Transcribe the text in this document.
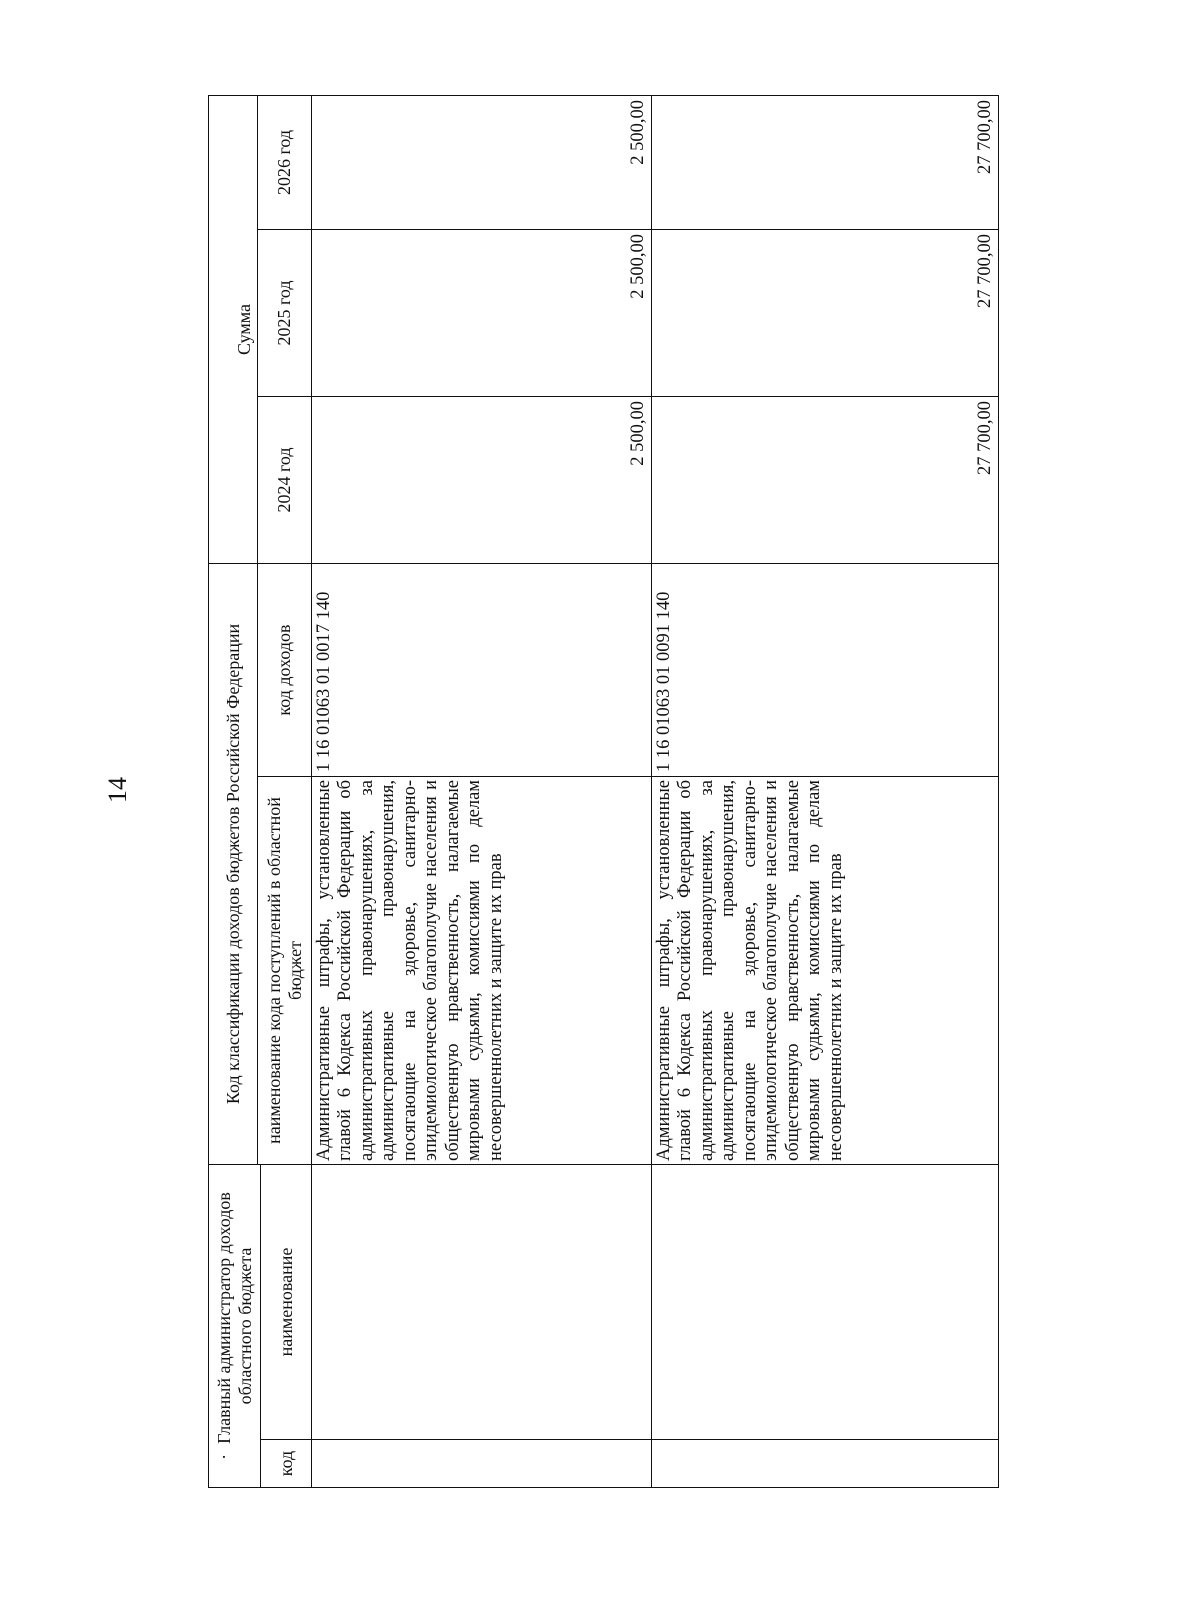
14
·Главный администратор доходов областного бюджета		Код классификации доходов бюджетов Российской Федерации		Сумма		
		наименование кода поступлений в областной бюджет	код доходов	2024 год	2025 год	2026 год
код	наименование					
		Административные штрафы, установленные главой 6 Кодекса Российской Федерации об административных правонарушениях, за административные правонарушения, посягающие на здоровье, санитарно-эпидемиологическое благополучие населения и общественную нравственность, налагаемые мировыми судьями, комиссиями по делам несовершеннолетних и защите их прав	1 16 01063 01 0017 140	2 500,00	2 500,00	2 500,00
		Административные штрафы, установленные главой 6 Кодекса Российской Федерации об административных правонарушениях, за административные правонарушения, посягающие на здоровье, санитарно-эпидемиологическое благополучие населения и общественную нравственность, налагаемые мировыми судьями, комиссиями по делам несовершеннолетних и защите их прав	1 16 01063 01 0091 140	27 700,00	27 700,00	27 700,00
